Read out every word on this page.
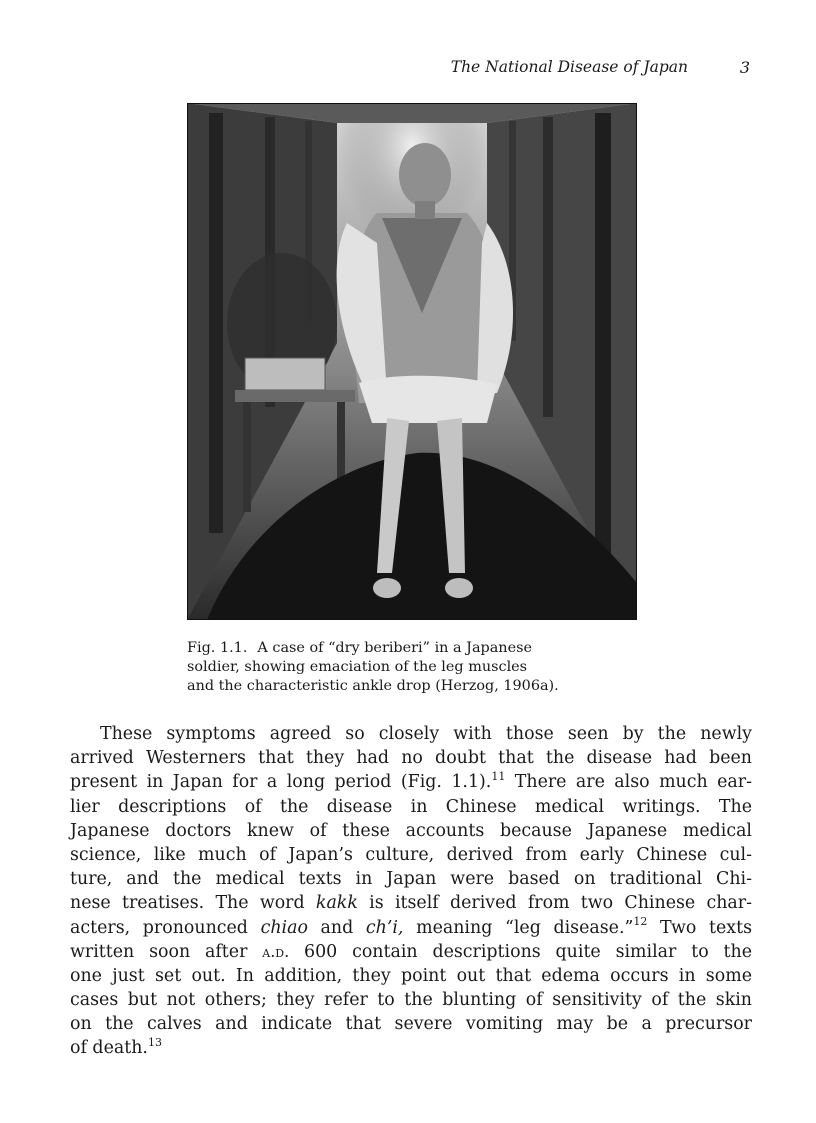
The National Disease of Japan	3
Fig. 1.1. A case of “dry beriberi” in a Japanese
soldier, showing emaciation of the leg muscles
and the characteristic ankle drop (Herzog, 1906a).
These symptoms agreed so closely with those seen by the newly
arrived Westerners that they had no doubt that the disease had been
present in Japan for a long period (Fig. 1.1).$^{11}$ There are also much ear-
lier descriptions of the disease in Chinese medical writings. The
Japanese doctors knew of these accounts because Japanese medical
science, like much of Japan’s culture, derived from early Chinese cul-
ture, and the medical texts in Japan were based on traditional Chi-
nese treatises. The word kakk is itself derived from two Chinese char-
acters, pronounced chiao and ch’i, meaning “leg disease.”$^{12}$ Two texts
written soon after a.d. 600 contain descriptions quite similar to the
one just set out. In addition, they point out that edema occurs in some
cases but not others; they refer to the blunting of sensitivity of the skin
on the calves and indicate that severe vomiting may be a precursor
of death.$^{13}$
